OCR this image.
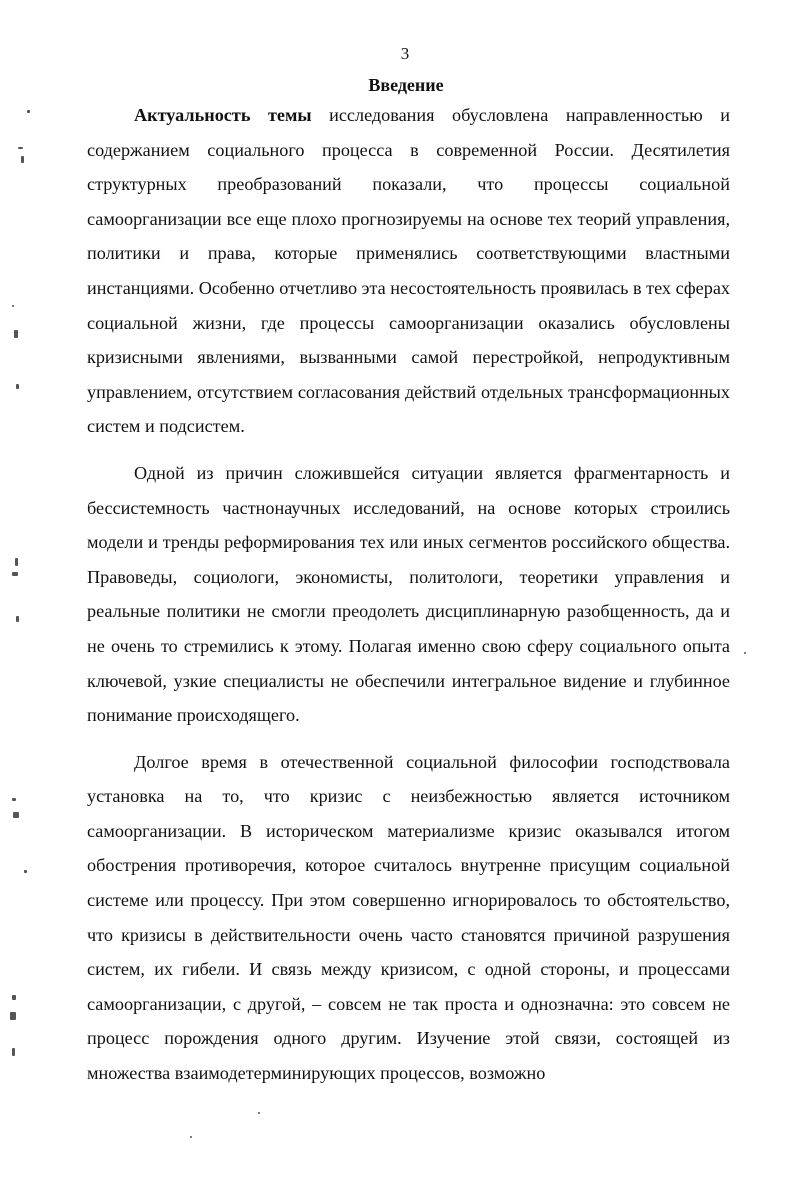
3
Введение

Актуальность темы исследования обусловлена направленностью и содержанием социального процесса в современной России. Десятилетия структурных преобразований показали, что процессы социальной самоорганизации все еще плохо прогнозируемы на основе тех теорий управления, политики и права, которые применялись соответствующими властными инстанциями. Особенно отчетливо эта несостоятельность проявилась в тех сферах социальной жизни, где процессы самоорганизации оказались обусловлены кризисными явлениями, вызванными самой перестройкой, непродуктивным управлением, отсутствием согласования действий отдельных трансформационных систем и подсистем.

Одной из причин сложившейся ситуации является фрагментарность и бессистемность частнонаучных исследований, на основе которых строились модели и тренды реформирования тех или иных сегментов российского общества. Правоведы, социологи, экономисты, политологи, теоретики управления и реальные политики не смогли преодолеть дисциплинарную разобщенность, да и не очень то стремились к этому. Полагая именно свою сферу социального опыта ключевой, узкие специалисты не обеспечили интегральное видение и глубинное понимание происходящего.

Долгое время в отечественной социальной философии господствовала установка на то, что кризис с неизбежностью является источником самоорганизации. В историческом материализме кризис оказывался итогом обострения противоречия, которое считалось внутренне присущим социальной системе или процессу. При этом совершенно игнорировалось то обстоятельство, что кризисы в действительности очень часто становятся причиной разрушения систем, их гибели. И связь между кризисом, с одной стороны, и процессами самоорганизации, с другой, – совсем не так проста и однозначна: это совсем не процесс порождения одного другим. Изучение этой связи, состоящей из множества взаимодетерминирующих процессов, возможно
